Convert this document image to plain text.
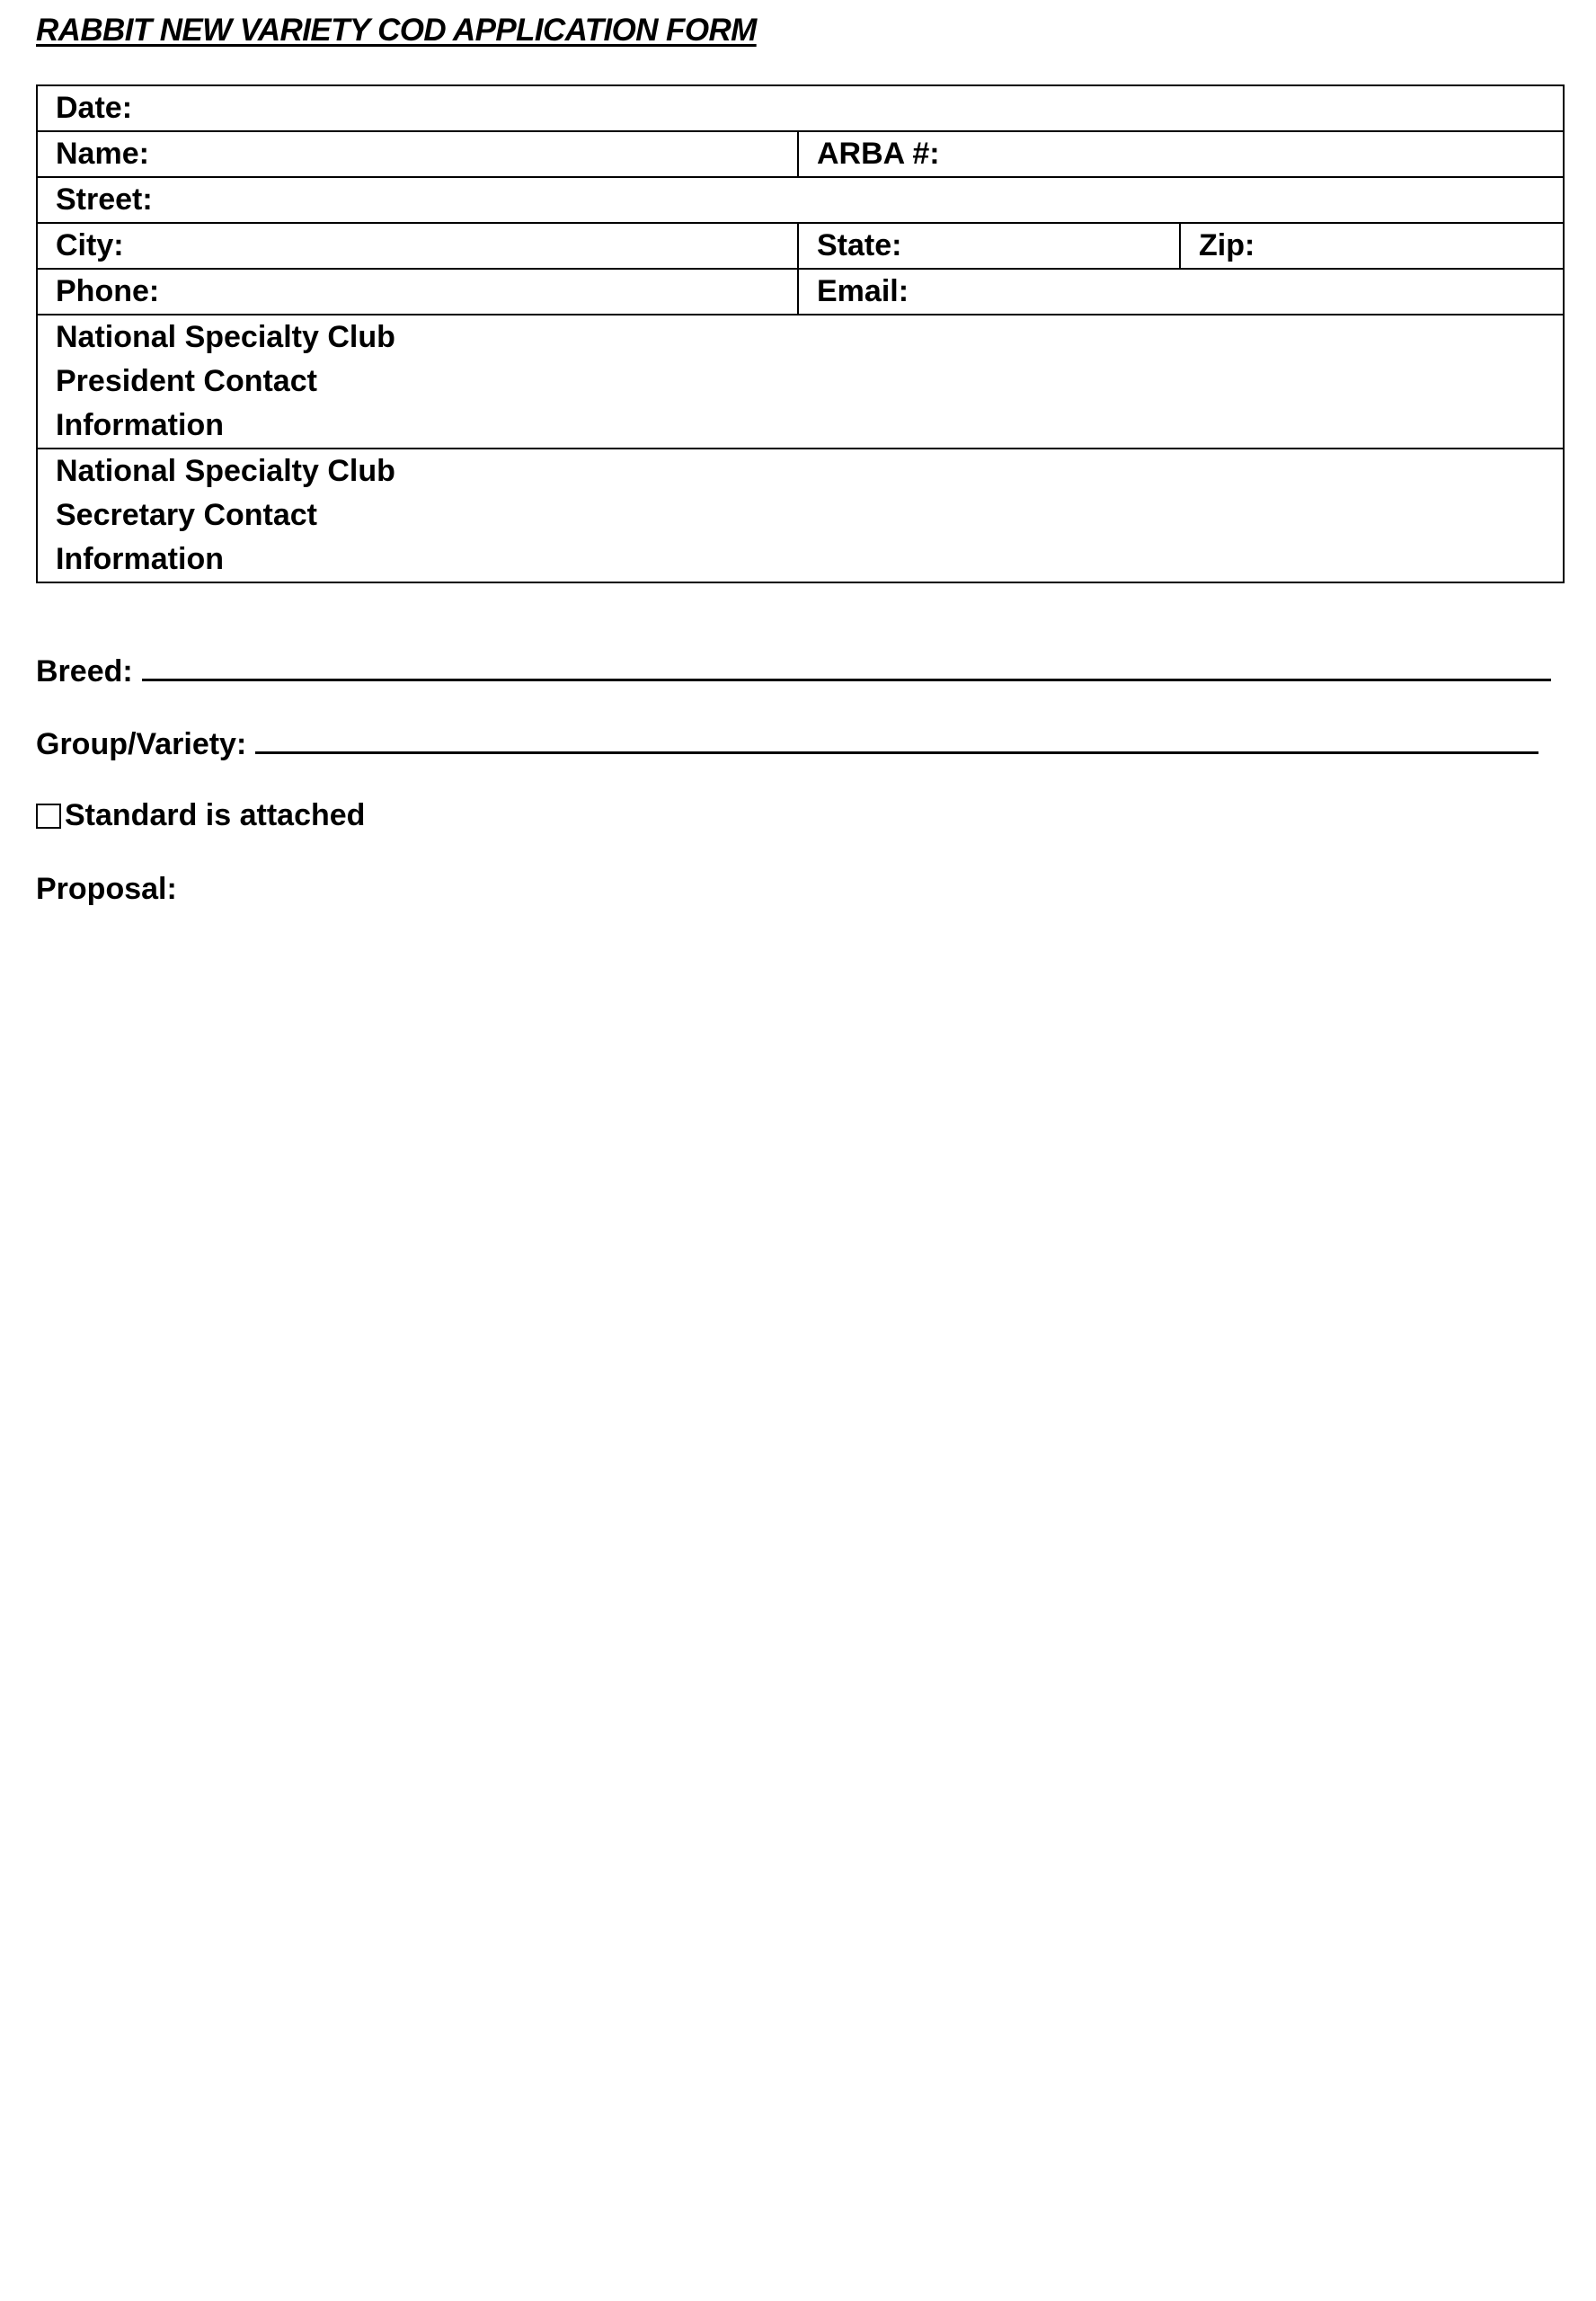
RABBIT NEW VARIETY COD APPLICATION FORM
Date:		
Name:	ARBA #:	
Street:		
City:	State:	Zip:
Phone:	Email:	

National Specialty Club
President Contact
Information		

National Specialty Club
Secretary Contact
Information		
Breed:
Group/Variety:
Standard is attached
Proposal:
